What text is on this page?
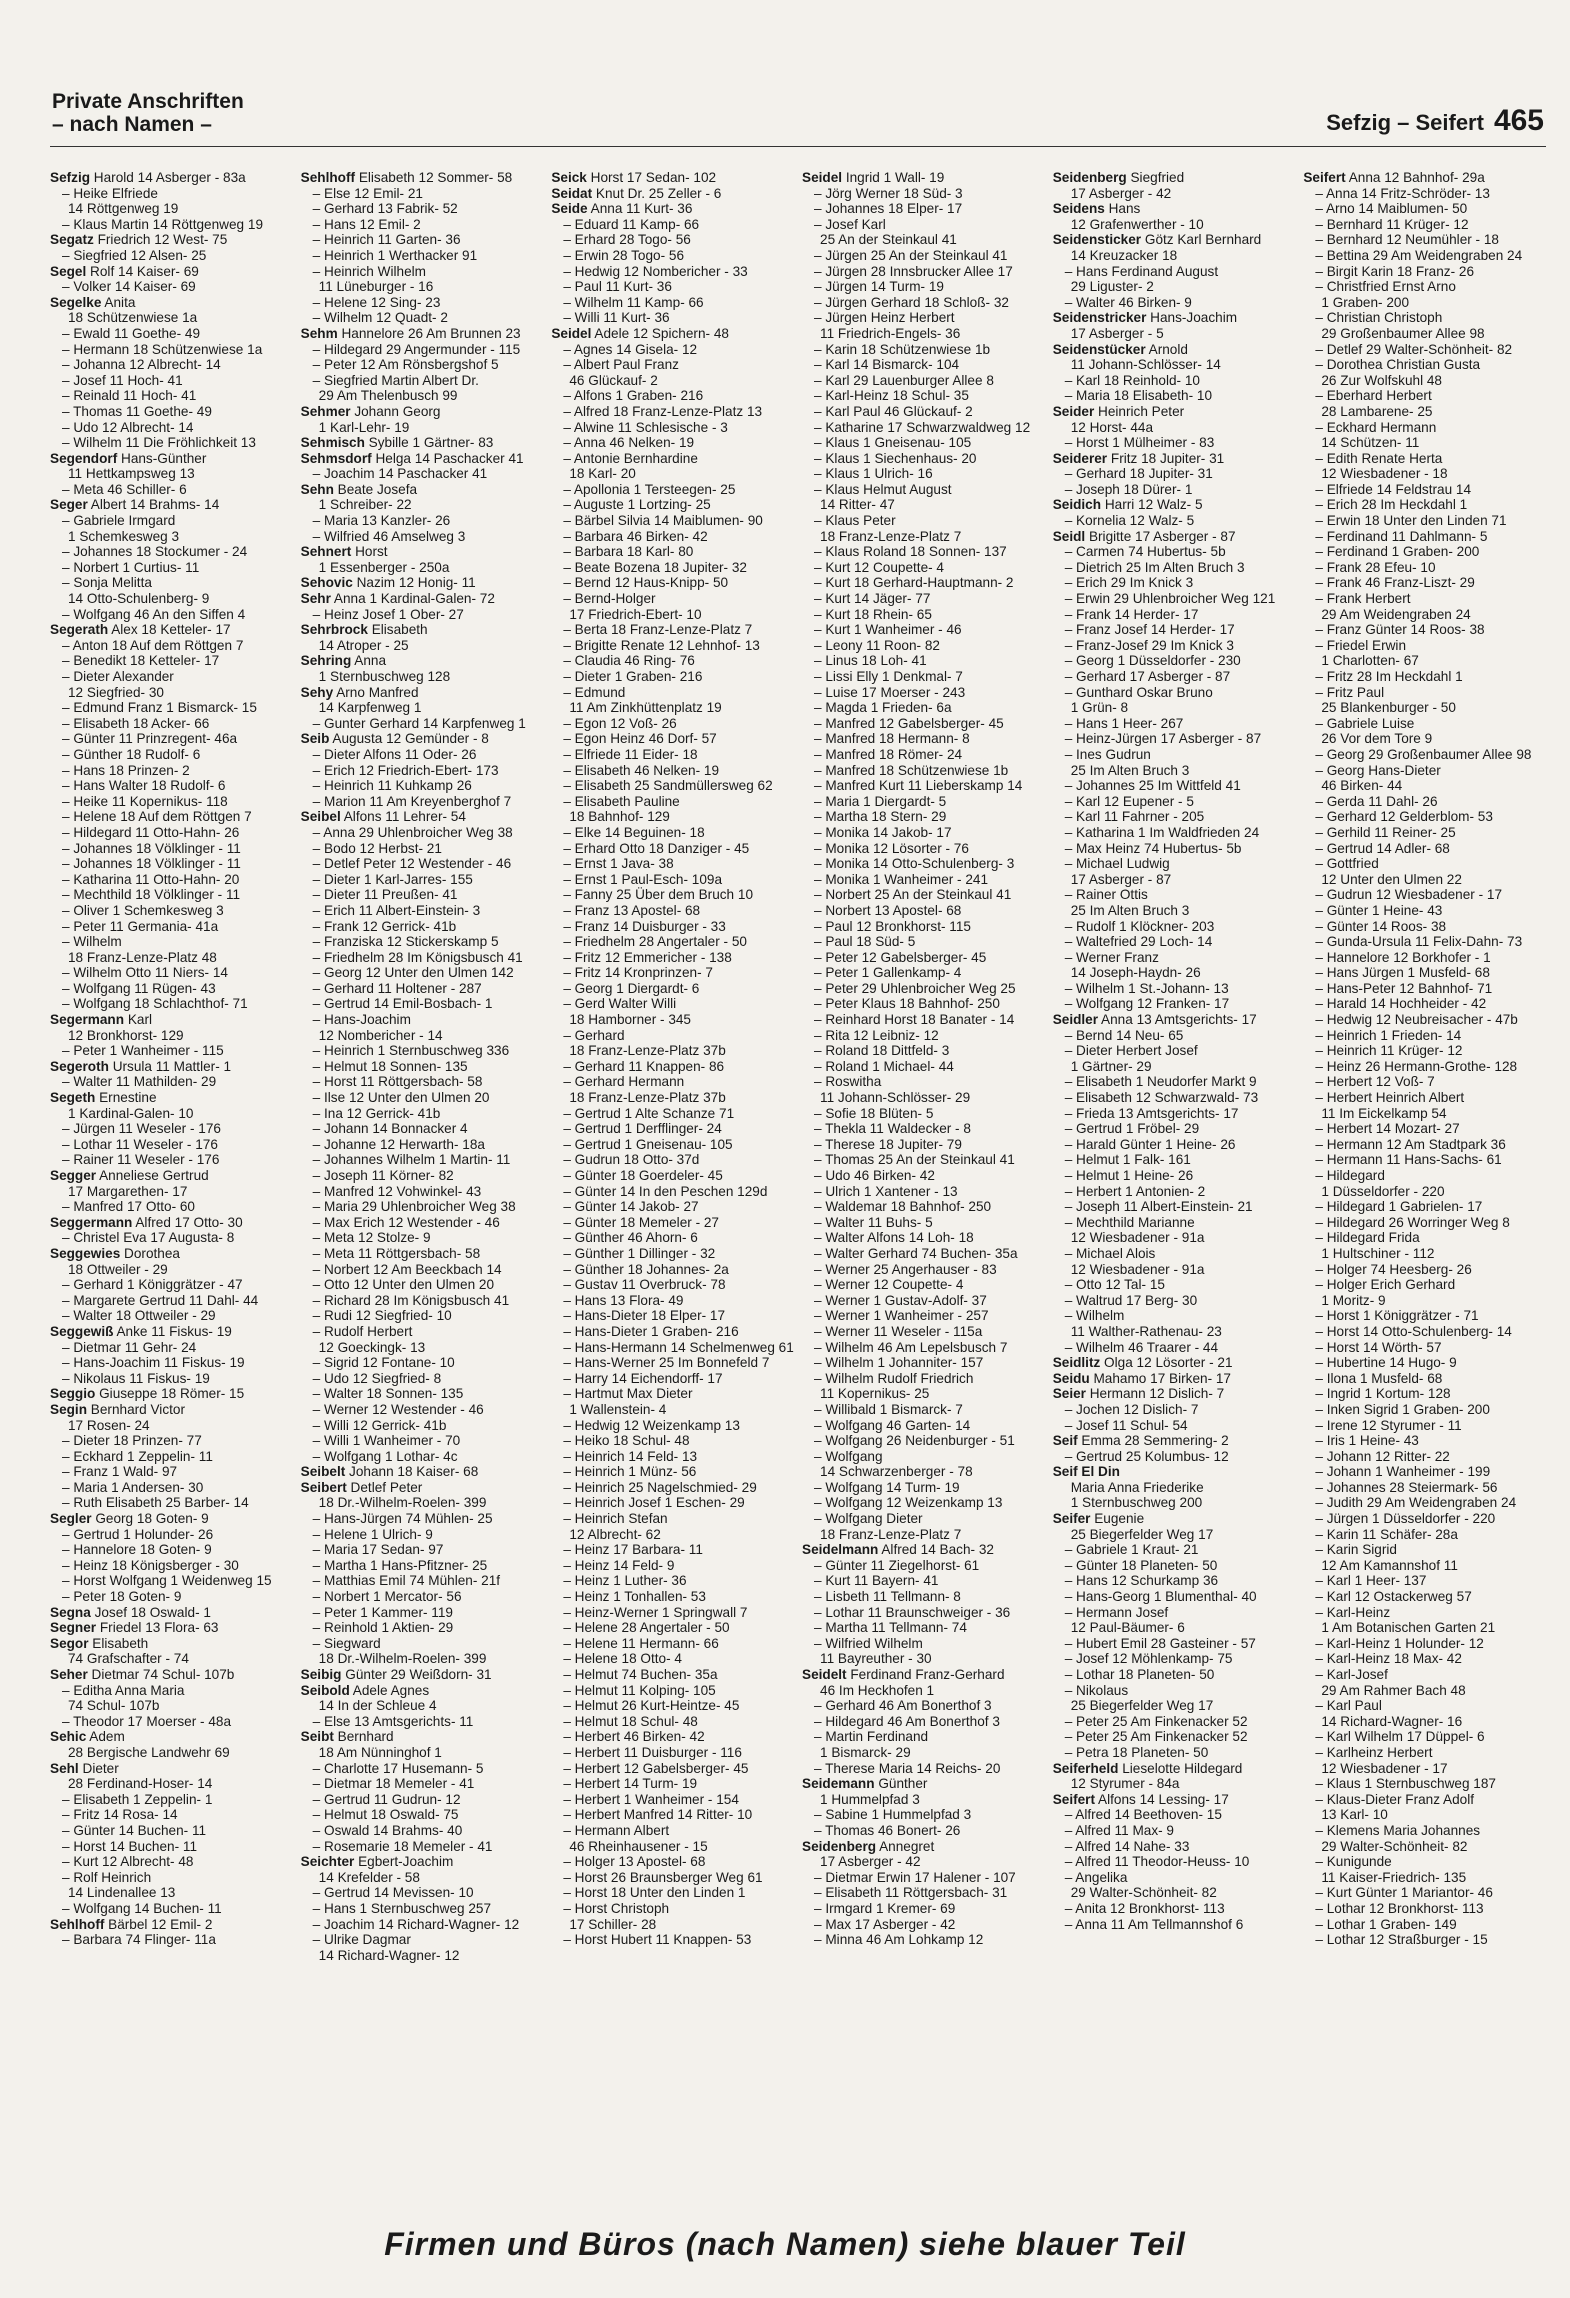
Private Anschriften
– nach Namen –	Sefzig – Seifert 465
Sefzig Harold 14 Asberger - 83a
– Heike Elfriede
14 Röttgenweg 19
– Klaus Martin 14 Röttgenweg 19
Segatz Friedrich 12 West- 75
– Siegfried 12 Alsen- 25
Segel Rolf 14 Kaiser- 69
– Volker 14 Kaiser- 69
Segelke Anita
18 Schützenwiese 1a
– Ewald 11 Goethe- 49
– Hermann 18 Schützenwiese 1a
– Johanna 12 Albrecht- 14
– Josef 11 Hoch- 41
– Reinald 11 Hoch- 41
– Thomas 11 Goethe- 49
– Udo 12 Albrecht- 14
– Wilhelm 11 Die Fröhlichkeit 13
Segendorf Hans-Günther
11 Hettkampsweg 13
– Meta 46 Schiller- 6
Seger Albert 14 Brahms- 14
– Gabriele Irmgard
1 Schemkesweg 3
– Johannes 18 Stockumer - 24
– Norbert 1 Curtius- 11
– Sonja Melitta
14 Otto-Schulenberg- 9
– Wolfgang 46 An den Siffen 4
Segerath Alex 18 Ketteler- 17
– Anton 18 Auf dem Röttgen 7
– Benedikt 18 Ketteler- 17
– Dieter Alexander
12 Siegfried- 30
– Edmund Franz 1 Bismarck- 15
– Elisabeth 18 Acker- 66
– Günter 11 Prinzregent- 46a
– Günther 18 Rudolf- 6
– Hans 18 Prinzen- 2
– Hans Walter 18 Rudolf- 6
– Heike 11 Kopernikus- 118
– Helene 18 Auf dem Röttgen 7
– Hildegard 11 Otto-Hahn- 26
– Johannes 18 Völklinger - 11
– Johannes 18 Völklinger - 11
– Katharina 11 Otto-Hahn- 20
– Mechthild 18 Völklinger - 11
– Oliver 1 Schemkesweg 3
– Peter 11 Germania- 41a
– Wilhelm
18 Franz-Lenze-Platz 48
– Wilhelm Otto 11 Niers- 14
– Wolfgang 11 Rügen- 43
– Wolfgang 18 Schlachthof- 71
Segermann Karl
12 Bronkhorst- 129
– Peter 1 Wanheimer - 115
Segeroth Ursula 11 Mattler- 1
– Walter 11 Mathilden- 29
Segeth Ernestine
1 Kardinal-Galen- 10
– Jürgen 11 Weseler - 176
– Lothar 11 Weseler - 176
– Rainer 11 Weseler - 176
Segger Anneliese Gertrud
17 Margarethen- 17
– Manfred 17 Otto- 60
Seggermann Alfred 17 Otto- 30
– Christel Eva 17 Augusta- 8
Seggewies Dorothea
18 Ottweiler - 29
– Gerhard 1 Königgrätzer - 47
– Margarete Gertrud 11 Dahl- 44
– Walter 18 Ottweiler - 29
Seggewiß Anke 11 Fiskus- 19
– Dietmar 11 Gehr- 24
– Hans-Joachim 11 Fiskus- 19
– Nikolaus 11 Fiskus- 19
Seggio Giuseppe 18 Römer- 15
Segin Bernhard Victor
17 Rosen- 24
– Dieter 18 Prinzen- 77
– Eckhard 1 Zeppelin- 11
– Franz 1 Wald- 97
– Maria 1 Andersen- 30
– Ruth Elisabeth 25 Barber- 14
Segler Georg 18 Goten- 9
– Gertrud 1 Holunder- 26
– Hannelore 18 Goten- 9
– Heinz 18 Königsberger - 30
– Horst Wolfgang 1 Weidenweg 15
– Peter 18 Goten- 9
Segna Josef 18 Oswald- 1
Segner Friedel 13 Flora- 63
Segor Elisabeth
74 Grafschafter - 74
Seher Dietmar 74 Schul- 107b
– Editha Anna Maria
74 Schul- 107b
– Theodor 17 Moerser - 48a
Sehic Adem
28 Bergische Landwehr 69
Sehl Dieter
28 Ferdinand-Hoser- 14
– Elisabeth 1 Zeppelin- 1
– Fritz 14 Rosa- 14
– Günter 14 Buchen- 11
– Horst 14 Buchen- 11
– Kurt 12 Albrecht- 48
– Rolf Heinrich
14 Lindenallee 13
– Wolfgang 14 Buchen- 11
Sehlhoff Bärbel 12 Emil- 2
– Barbara 74 Flinger- 11a
Sehlhoff Elisabeth 12 Sommer- 58
– Else 12 Emil- 21
– Gerhard 13 Fabrik- 52
– Hans 12 Emil- 2
– Heinrich 11 Garten- 36
– Heinrich 1 Werthacker 91
– Heinrich Wilhelm
11 Lüneburger - 16
– Helene 12 Sing- 23
– Wilhelm 12 Quadt- 2
Sehm Hannelore 26 Am Brunnen 23
– Hildegard 29 Angermunder - 115
– Peter 12 Am Rönsbergshof 5
– Siegfried Martin Albert Dr.
29 Am Thelenbusch 99
Sehmer Johann Georg
1 Karl-Lehr- 19
Sehmisch Sybille 1 Gärtner- 83
Sehmsdorf Helga 14 Paschacker 41
– Joachim 14 Paschacker 41
Sehn Beate Josefa
1 Schreiber- 22
– Maria 13 Kanzler- 26
– Wilfried 46 Amselweg 3
Sehnert Horst
1 Essenberger - 250a
Sehovic Nazim 12 Honig- 11
Sehr Anna 1 Kardinal-Galen- 72
– Heinz Josef 1 Ober- 27
Sehrbrock Elisabeth
14 Atroper - 25
Sehring Anna
1 Sternbuschweg 128
Sehy Arno Manfred
14 Karpfenweg 1
– Gunter Gerhard 14 Karpfenweg 1
Seib Augusta 12 Gemünder - 8
– Dieter Alfons 11 Oder- 26
– Erich 12 Friedrich-Ebert- 173
– Heinrich 11 Kuhkamp 26
– Marion 11 Am Kreyenberghof 7
Seibel Alfons 11 Lehrer- 54
– Anna 29 Uhlenbroicher Weg 38
– Bodo 12 Herbst- 21
– Detlef Peter 12 Westender - 46
– Dieter 1 Karl-Jarres- 155
– Dieter 11 Preußen- 41
– Erich 11 Albert-Einstein- 3
– Frank 12 Gerrick- 41b
– Franziska 12 Stickerskamp 5
– Friedhelm 28 Im Königsbusch 41
– Georg 12 Unter den Ulmen 142
– Gerhard 11 Holtener - 287
– Gertrud 14 Emil-Bosbach- 1
– Hans-Joachim
12 Nombericher - 14
– Heinrich 1 Sternbuschweg 336
– Helmut 18 Sonnen- 135
– Horst 11 Röttgersbach- 58
– Ilse 12 Unter den Ulmen 20
– Ina 12 Gerrick- 41b
– Johann 14 Bonnacker 4
– Johanne 12 Herwarth- 18a
– Johannes Wilhelm 1 Martin- 11
– Joseph 11 Körner- 82
– Manfred 12 Vohwinkel- 43
– Maria 29 Uhlenbroicher Weg 38
– Max Erich 12 Westender - 46
– Meta 12 Stolze- 9
– Meta 11 Röttgersbach- 58
– Norbert 12 Am Beeckbach 14
– Otto 12 Unter den Ulmen 20
– Richard 28 Im Königsbusch 41
– Rudi 12 Siegfried- 10
– Rudolf Herbert
12 Goeckingk- 13
– Sigrid 12 Fontane- 10
– Udo 12 Siegfried- 8
– Walter 18 Sonnen- 135
– Werner 12 Westender - 46
– Willi 12 Gerrick- 41b
– Willi 1 Wanheimer - 70
– Wolfgang 1 Lothar- 4c
Seibelt Johann 18 Kaiser- 68
Seibert Detlef Peter
18 Dr.-Wilhelm-Roelen- 399
– Hans-Jürgen 74 Mühlen- 25
– Helene 1 Ulrich- 9
– Maria 17 Sedan- 97
– Martha 1 Hans-Pfitzner- 25
– Matthias Emil 74 Mühlen- 21f
– Norbert 1 Mercator- 56
– Peter 1 Kammer- 119
– Reinhold 1 Aktien- 29
– Siegward
18 Dr.-Wilhelm-Roelen- 399
Seibig Günter 29 Weißdorn- 31
Seibold Adele Agnes
14 In der Schleue 4
– Else 13 Amtsgerichts- 11
Seibt Bernhard
18 Am Nünninghof 1
– Charlotte 17 Husemann- 5
– Dietmar 18 Memeler - 41
– Gertrud 11 Gudrun- 12
– Helmut 18 Oswald- 75
– Oswald 14 Brahms- 40
– Rosemarie 18 Memeler - 41
Seichter Egbert-Joachim
14 Krefelder - 58
– Gertrud 14 Mevissen- 10
– Hans 1 Sternbuschweg 257
– Joachim 14 Richard-Wagner- 12
– Ulrike Dagmar
14 Richard-Wagner- 12
Seick Horst 17 Sedan- 102
Seidat Knut Dr. 25 Zeller - 6
Seide Anna 11 Kurt- 36
– Eduard 11 Kamp- 66
– Erhard 28 Togo- 56
– Erwin 28 Togo- 56
– Hedwig 12 Nombericher - 33
– Paul 11 Kurt- 36
– Wilhelm 11 Kamp- 66
– Willi 11 Kurt- 36
Seidel Adele 12 Spichern- 48
– Agnes 14 Gisela- 12
– Albert Paul Franz
46 Glückauf- 2
– Alfons 1 Graben- 216
– Alfred 18 Franz-Lenze-Platz 13
– Alwine 11 Schlesische - 3
– Anna 46 Nelken- 19
– Antonie Bernhardine
18 Karl- 20
– Apollonia 1 Tersteegen- 25
– Auguste 1 Lortzing- 25
– Bärbel Silvia 14 Maiblumen- 90
– Barbara 46 Birken- 42
– Barbara 18 Karl- 80
– Beate Bozena 18 Jupiter- 32
– Bernd 12 Haus-Knipp- 50
– Bernd-Holger
17 Friedrich-Ebert- 10
– Berta 18 Franz-Lenze-Platz 7
– Brigitte Renate 12 Lehnhof- 13
– Claudia 46 Ring- 76
– Dieter 1 Graben- 216
– Edmund
11 Am Zinkhüttenplatz 19
– Egon 12 Voß- 26
– Egon Heinz 46 Dorf- 57
– Elfriede 11 Eider- 18
– Elisabeth 46 Nelken- 19
– Elisabeth 25 Sandmüllersweg 62
– Elisabeth Pauline
18 Bahnhof- 129
– Elke 14 Beguinen- 18
– Erhard Otto 18 Danziger - 45
– Ernst 1 Java- 38
– Ernst 1 Paul-Esch- 109a
– Fanny 25 Über dem Bruch 10
– Franz 13 Apostel- 68
– Franz 14 Duisburger - 33
– Friedhelm 28 Angertaler - 50
– Fritz 12 Emmericher - 138
– Fritz 14 Kronprinzen- 7
– Georg 1 Diergardt- 6
– Gerd Walter Willi
18 Hamborner - 345
– Gerhard
18 Franz-Lenze-Platz 37b
– Gerhard 11 Knappen- 86
– Gerhard Hermann
18 Franz-Lenze-Platz 37b
– Gertrud 1 Alte Schanze 71
– Gertrud 1 Derfflinger- 24
– Gertrud 1 Gneisenau- 105
– Gudrun 18 Otto- 37d
– Günter 18 Goerdeler- 45
– Günter 14 In den Peschen 129d
– Günter 14 Jakob- 27
– Günter 18 Memeler - 27
– Günther 46 Ahorn- 6
– Günther 1 Dillinger - 32
– Günther 18 Johannes- 2a
– Gustav 11 Overbruck- 78
– Hans 13 Flora- 49
– Hans-Dieter 18 Elper- 17
– Hans-Dieter 1 Graben- 216
– Hans-Hermann 14 Schelmenweg 61
– Hans-Werner 25 Im Bonnefeld 7
– Harry 14 Eichendorff- 17
– Hartmut Max Dieter
1 Wallenstein- 4
– Hedwig 12 Weizenkamp 13
– Heiko 18 Schul- 48
– Heinrich 14 Feld- 13
– Heinrich 1 Münz- 56
– Heinrich 25 Nagelschmied- 29
– Heinrich Josef 1 Eschen- 29
– Heinrich Stefan
12 Albrecht- 62
– Heinz 17 Barbara- 11
– Heinz 14 Feld- 9
– Heinz 1 Luther- 36
– Heinz 1 Tonhallen- 53
– Heinz-Werner 1 Springwall 7
– Helene 28 Angertaler - 50
– Helene 11 Hermann- 66
– Helene 18 Otto- 4
– Helmut 74 Buchen- 35a
– Helmut 11 Kolping- 105
– Helmut 26 Kurt-Heintze- 45
– Helmut 18 Schul- 48
– Herbert 46 Birken- 42
– Herbert 11 Duisburger - 116
– Herbert 12 Gabelsberger- 45
– Herbert 14 Turm- 19
– Herbert 1 Wanheimer - 154
– Herbert Manfred 14 Ritter- 10
– Hermann Albert
46 Rheinhausener - 15
– Holger 13 Apostel- 68
– Horst 26 Braunsberger Weg 61
– Horst 18 Unter den Linden 1
– Horst Christoph
17 Schiller- 28
– Horst Hubert 11 Knappen- 53
Seidel Ingrid 1 Wall- 19
– Jörg Werner 18 Süd- 3
– Johannes 18 Elper- 17
– Josef Karl
25 An der Steinkaul 41
– Jürgen 25 An der Steinkaul 41
– Jürgen 28 Innsbrucker Allee 17
– Jürgen 14 Turm- 19
– Jürgen Gerhard 18 Schloß- 32
– Jürgen Heinz Herbert
11 Friedrich-Engels- 36
– Karin 18 Schützenwiese 1b
– Karl 14 Bismarck- 104
– Karl 29 Lauenburger Allee 8
– Karl-Heinz 18 Schul- 35
– Karl Paul 46 Glückauf- 2
– Katharine 17 Schwarzwaldweg 12
– Klaus 1 Gneisenau- 105
– Klaus 1 Siechenhaus- 20
– Klaus 1 Ulrich- 16
– Klaus Helmut August
14 Ritter- 47
– Klaus Peter
18 Franz-Lenze-Platz 7
– Klaus Roland 18 Sonnen- 137
– Kurt 12 Coupette- 4
– Kurt 18 Gerhard-Hauptmann- 2
– Kurt 14 Jäger- 77
– Kurt 18 Rhein- 65
– Kurt 1 Wanheimer - 46
– Leony 11 Roon- 82
– Linus 18 Loh- 41
– Lissi Elly 1 Denkmal- 7
– Luise 17 Moerser - 243
– Magda 1 Frieden- 6a
– Manfred 12 Gabelsberger- 45
– Manfred 18 Hermann- 8
– Manfred 18 Römer- 24
– Manfred 18 Schützenwiese 1b
– Manfred Kurt 11 Lieberskamp 14
– Maria 1 Diergardt- 5
– Martha 18 Stern- 29
– Monika 14 Jakob- 17
– Monika 12 Lösorter - 76
– Monika 14 Otto-Schulenberg- 3
– Monika 1 Wanheimer - 241
– Norbert 25 An der Steinkaul 41
– Norbert 13 Apostel- 68
– Paul 12 Bronkhorst- 115
– Paul 18 Süd- 5
– Peter 12 Gabelsberger- 45
– Peter 1 Gallenkamp- 4
– Peter 29 Uhlenbroicher Weg 25
– Peter Klaus 18 Bahnhof- 250
– Reinhard Horst 18 Banater - 14
– Rita 12 Leibniz- 12
– Roland 18 Dittfeld- 3
– Roland 1 Michael- 44
– Roswitha
11 Johann-Schlösser- 29
– Sofie 18 Blüten- 5
– Thekla 11 Waldecker - 8
– Therese 18 Jupiter- 79
– Thomas 25 An der Steinkaul 41
– Udo 46 Birken- 42
– Ulrich 1 Xantener - 13
– Waldemar 18 Bahnhof- 250
– Walter 11 Buhs- 5
– Walter Alfons 14 Loh- 18
– Walter Gerhard 74 Buchen- 35a
– Werner 25 Angerhauser - 83
– Werner 12 Coupette- 4
– Werner 1 Gustav-Adolf- 37
– Werner 1 Wanheimer - 257
– Werner 11 Weseler - 115a
– Wilhelm 46 Am Lepelsbusch 7
– Wilhelm 1 Johanniter- 157
– Wilhelm Rudolf Friedrich
11 Kopernikus- 25
– Willibald 1 Bismarck- 7
– Wolfgang 46 Garten- 14
– Wolfgang 26 Neidenburger - 51
– Wolfgang
14 Schwarzenberger - 78
– Wolfgang 14 Turm- 19
– Wolfgang 12 Weizenkamp 13
– Wolfgang Dieter
18 Franz-Lenze-Platz 7
Seidelmann Alfred 14 Bach- 32
– Günter 11 Ziegelhorst- 61
– Kurt 11 Bayern- 41
– Lisbeth 11 Tellmann- 8
– Lothar 11 Braunschweiger - 36
– Martha 11 Tellmann- 74
– Wilfried Wilhelm
11 Bayreuther - 30
Seidelt Ferdinand Franz-Gerhard
46 Im Heckhofen 1
– Gerhard 46 Am Bonerthof 3
– Hildegard 46 Am Bonerthof 3
– Martin Ferdinand
1 Bismarck- 29
– Therese Maria 14 Reichs- 20
Seidemann Günther
1 Hummelpfad 3
– Sabine 1 Hummelpfad 3
– Thomas 46 Bonert- 26
Seidenberg Annegret
17 Asberger - 42
– Dietmar Erwin 17 Halener - 107
– Elisabeth 11 Röttgersbach- 31
– Irmgard 1 Kremer- 69
– Max 17 Asberger - 42
– Minna 46 Am Lohkamp 12
Seidenberg Siegfried
17 Asberger - 42
Seidens Hans
12 Grafenwerther - 10
Seidensticker Götz Karl Bernhard
14 Kreuzacker 18
– Hans Ferdinand August
29 Liguster- 2
– Walter 46 Birken- 9
Seidenstricker Hans-Joachim
17 Asberger - 5
Seidenstücker Arnold
11 Johann-Schlösser- 14
– Karl 18 Reinhold- 10
– Maria 18 Elisabeth- 10
Seider Heinrich Peter
12 Horst- 44a
– Horst 1 Mülheimer - 83
Seiderer Fritz 18 Jupiter- 31
– Gerhard 18 Jupiter- 31
– Joseph 18 Dürer- 1
Seidich Harri 12 Walz- 5
– Kornelia 12 Walz- 5
Seidl Brigitte 17 Asberger - 87
– Carmen 74 Hubertus- 5b
– Dietrich 25 Im Alten Bruch 3
– Erich 29 Im Knick 3
– Erwin 29 Uhlenbroicher Weg 121
– Frank 14 Herder- 17
– Franz Josef 14 Herder- 17
– Franz-Josef 29 Im Knick 3
– Georg 1 Düsseldorfer - 230
– Gerhard 17 Asberger - 87
– Gunthard Oskar Bruno
1 Grün- 8
– Hans 1 Heer- 267
– Heinz-Jürgen 17 Asberger - 87
– Ines Gudrun
25 Im Alten Bruch 3
– Johannes 25 Im Wittfeld 41
– Karl 12 Eupener - 5
– Karl 11 Fahrner - 205
– Katharina 1 Im Waldfrieden 24
– Max Heinz 74 Hubertus- 5b
– Michael Ludwig
17 Asberger - 87
– Rainer Ottis
25 Im Alten Bruch 3
– Rudolf 1 Klöckner- 203
– Waltefried 29 Loch- 14
– Werner Franz
14 Joseph-Haydn- 26
– Wilhelm 1 St.-Johann- 13
– Wolfgang 12 Franken- 17
Seidler Anna 13 Amtsgerichts- 17
– Bernd 14 Neu- 65
– Dieter Herbert Josef
1 Gärtner- 29
– Elisabeth 1 Neudorfer Markt 9
– Elisabeth 12 Schwarzwald- 73
– Frieda 13 Amtsgerichts- 17
– Gertrud 1 Fröbel- 29
– Harald Günter 1 Heine- 26
– Helmut 1 Falk- 161
– Helmut 1 Heine- 26
– Herbert 1 Antonien- 2
– Joseph 11 Albert-Einstein- 21
– Mechthild Marianne
12 Wiesbadener - 91a
– Michael Alois
12 Wiesbadener - 91a
– Otto 12 Tal- 15
– Waltrud 17 Berg- 30
– Wilhelm
11 Walther-Rathenau- 23
– Wilhelm 46 Traarer - 44
Seidlitz Olga 12 Lösorter - 21
Seidu Mahamo 17 Birken- 17
Seier Hermann 12 Dislich- 7
– Jochen 12 Dislich- 7
– Josef 11 Schul- 54
Seif Emma 28 Semmering- 2
– Gertrud 25 Kolumbus- 12
Seif El Din
Maria Anna Friederike
1 Sternbuschweg 200
Seifer Eugenie
25 Biegerfelder Weg 17
– Gabriele 1 Kraut- 21
– Günter 18 Planeten- 50
– Hans 12 Schurkamp 36
– Hans-Georg 1 Blumenthal- 40
– Hermann Josef
12 Paul-Bäumer- 6
– Hubert Emil 28 Gasteiner - 57
– Josef 12 Möhlenkamp- 75
– Lothar 18 Planeten- 50
– Nikolaus
25 Biegerfelder Weg 17
– Peter 25 Am Finkenacker 52
– Peter 25 Am Finkenacker 52
– Petra 18 Planeten- 50
Seiferheld Lieselotte Hildegard
12 Styrumer - 84a
Seifert Alfons 14 Lessing- 17
– Alfred 14 Beethoven- 15
– Alfred 11 Max- 9
– Alfred 14 Nahe- 33
– Alfred 11 Theodor-Heuss- 10
– Angelika
29 Walter-Schönheit- 82
– Anita 12 Bronkhorst- 113
– Anna 11 Am Tellmannshof 6
Seifert Anna 12 Bahnhof- 29a
– Anna 14 Fritz-Schröder- 13
– Arno 14 Maiblumen- 50
– Bernhard 11 Krüger- 12
– Bernhard 12 Neumühler - 18
– Bettina 29 Am Weidengraben 24
– Birgit Karin 18 Franz- 26
– Christfried Ernst Arno
1 Graben- 200
– Christian Christoph
29 Großenbaumer Allee 98
– Detlef 29 Walter-Schönheit- 82
– Dorothea Christian Gusta
26 Zur Wolfskuhl 48
– Eberhard Herbert
28 Lambarene- 25
– Eckhard Hermann
14 Schützen- 11
– Edith Renate Herta
12 Wiesbadener - 18
– Elfriede 14 Feldstrau 14
– Erich 28 Im Heckdahl 1
– Erwin 18 Unter den Linden 71
– Ferdinand 11 Dahlmann- 5
– Ferdinand 1 Graben- 200
– Frank 28 Efeu- 10
– Frank 46 Franz-Liszt- 29
– Frank Herbert
29 Am Weidengraben 24
– Franz Günter 14 Roos- 38
– Friedel Erwin
1 Charlotten- 67
– Fritz 28 Im Heckdahl 1
– Fritz Paul
25 Blankenburger - 50
– Gabriele Luise
26 Vor dem Tore 9
– Georg 29 Großenbaumer Allee 98
– Georg Hans-Dieter
46 Birken- 44
– Gerda 11 Dahl- 26
– Gerhard 12 Gelderblom- 53
– Gerhild 11 Reiner- 25
– Gertrud 14 Adler- 68
– Gottfried
12 Unter den Ulmen 22
– Gudrun 12 Wiesbadener - 17
– Günter 1 Heine- 43
– Günter 14 Roos- 38
– Gunda-Ursula 11 Felix-Dahn- 73
– Hannelore 12 Borkhofer - 1
– Hans Jürgen 1 Musfeld- 68
– Hans-Peter 12 Bahnhof- 71
– Harald 14 Hochheider - 42
– Hedwig 12 Neubreisacher - 47b
– Heinrich 1 Frieden- 14
– Heinrich 11 Krüger- 12
– Heinz 26 Hermann-Grothe- 128
– Herbert 12 Voß- 7
– Herbert Heinrich Albert
11 Im Eickelkamp 54
– Herbert 14 Mozart- 27
– Hermann 12 Am Stadtpark 36
– Hermann 11 Hans-Sachs- 61
– Hildegard
1 Düsseldorfer - 220
– Hildegard 1 Gabrielen- 17
– Hildegard 26 Worringer Weg 8
– Hildegard Frida
1 Hultschiner - 112
– Holger 74 Heesberg- 26
– Holger Erich Gerhard
1 Moritz- 9
– Horst 1 Königgrätzer - 71
– Horst 14 Otto-Schulenberg- 14
– Horst 14 Wörth- 57
– Hubertine 14 Hugo- 9
– Ilona 1 Musfeld- 68
– Ingrid 1 Kortum- 128
– Inken Sigrid 1 Graben- 200
– Irene 12 Styrumer - 11
– Iris 1 Heine- 43
– Johann 12 Ritter- 22
– Johann 1 Wanheimer - 199
– Johannes 28 Steiermark- 56
– Judith 29 Am Weidengraben 24
– Jürgen 1 Düsseldorfer - 220
– Karin 11 Schäfer- 28a
– Karin Sigrid
12 Am Kamannshof 11
– Karl 1 Heer- 137
– Karl 12 Ostackerweg 57
– Karl-Heinz
1 Am Botanischen Garten 21
– Karl-Heinz 1 Holunder- 12
– Karl-Heinz 18 Max- 42
– Karl-Josef
29 Am Rahmer Bach 48
– Karl Paul
14 Richard-Wagner- 16
– Karl Wilhelm 17 Düppel- 6
– Karlheinz Herbert
12 Wiesbadener - 17
– Klaus 1 Sternbuschweg 187
– Klaus-Dieter Franz Adolf
13 Karl- 10
– Klemens Maria Johannes
29 Walter-Schönheit- 82
– Kunigunde
11 Kaiser-Friedrich- 135
– Kurt Günter 1 Mariantor- 46
– Lothar 12 Bronkhorst- 113
– Lothar 1 Graben- 149
– Lothar 12 Straßburger - 15
Firmen und Büros (nach Namen) siehe blauer Teil
